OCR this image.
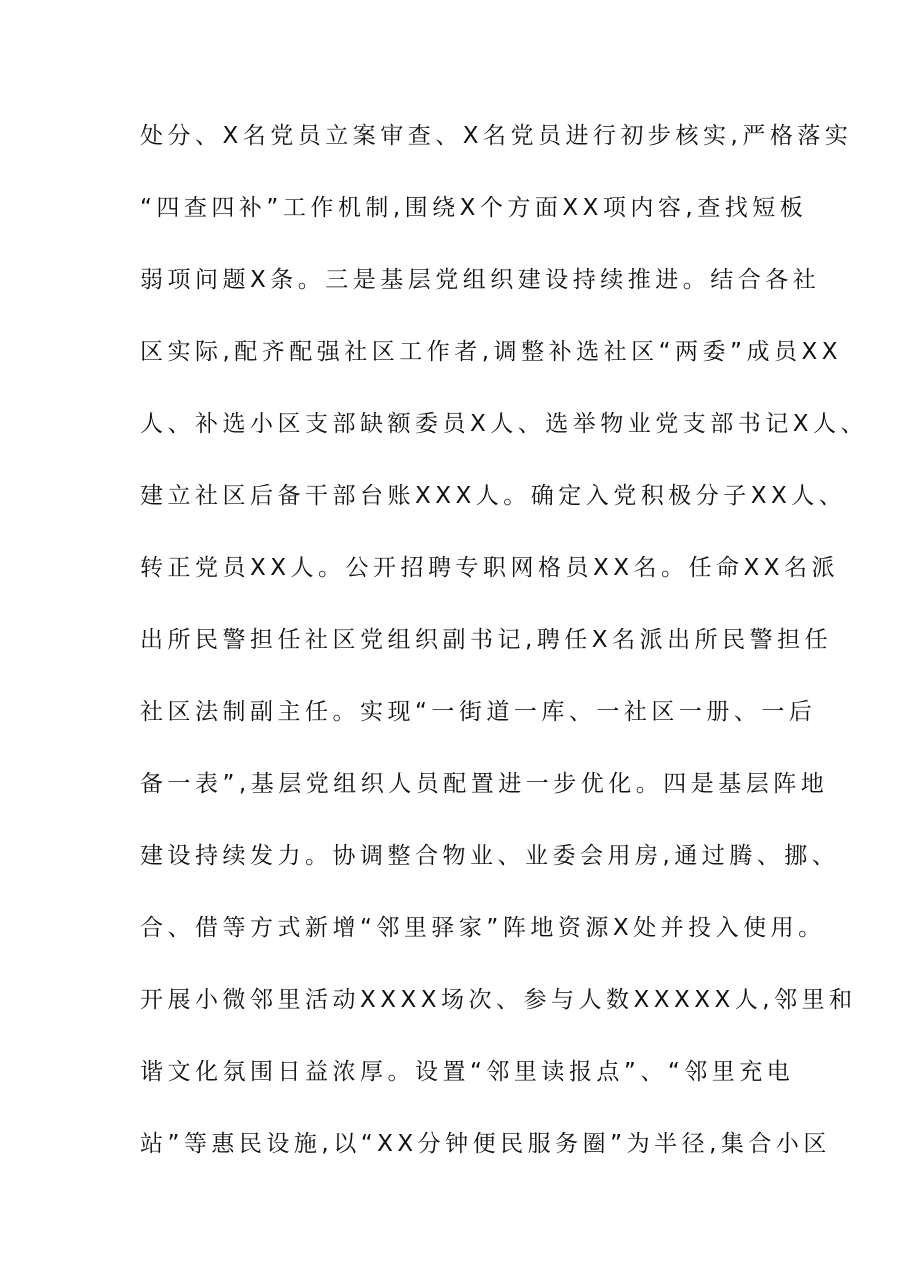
处分、X名党员立案审查、X名党员进行初步核实,严格落实
“四查四补”工作机制,围绕X个方面XX项内容,查找短板
弱项问题X条。三是基层党组织建设持续推进。结合各社
区实际,配齐配强社区工作者,调整补选社区“两委”成员XX
人、补选小区支部缺额委员X人、选举物业党支部书记X人、
建立社区后备干部台账XXX人。确定入党积极分子XX人、
转正党员XX人。公开招聘专职网格员XX名。任命XX名派
出所民警担任社区党组织副书记,聘任X名派出所民警担任
社区法制副主任。实现“一街道一库、一社区一册、一后
备一表”,基层党组织人员配置进一步优化。四是基层阵地
建设持续发力。协调整合物业、业委会用房,通过腾、挪、
合、借等方式新增“邻里驿家”阵地资源X处并投入使用。
开展小微邻里活动XXXX场次、参与人数XXXXX人,邻里和
谐文化氛围日益浓厚。设置“邻里读报点”、“邻里充电
站”等惠民设施,以“XX分钟便民服务圈”为半径,集合小区
